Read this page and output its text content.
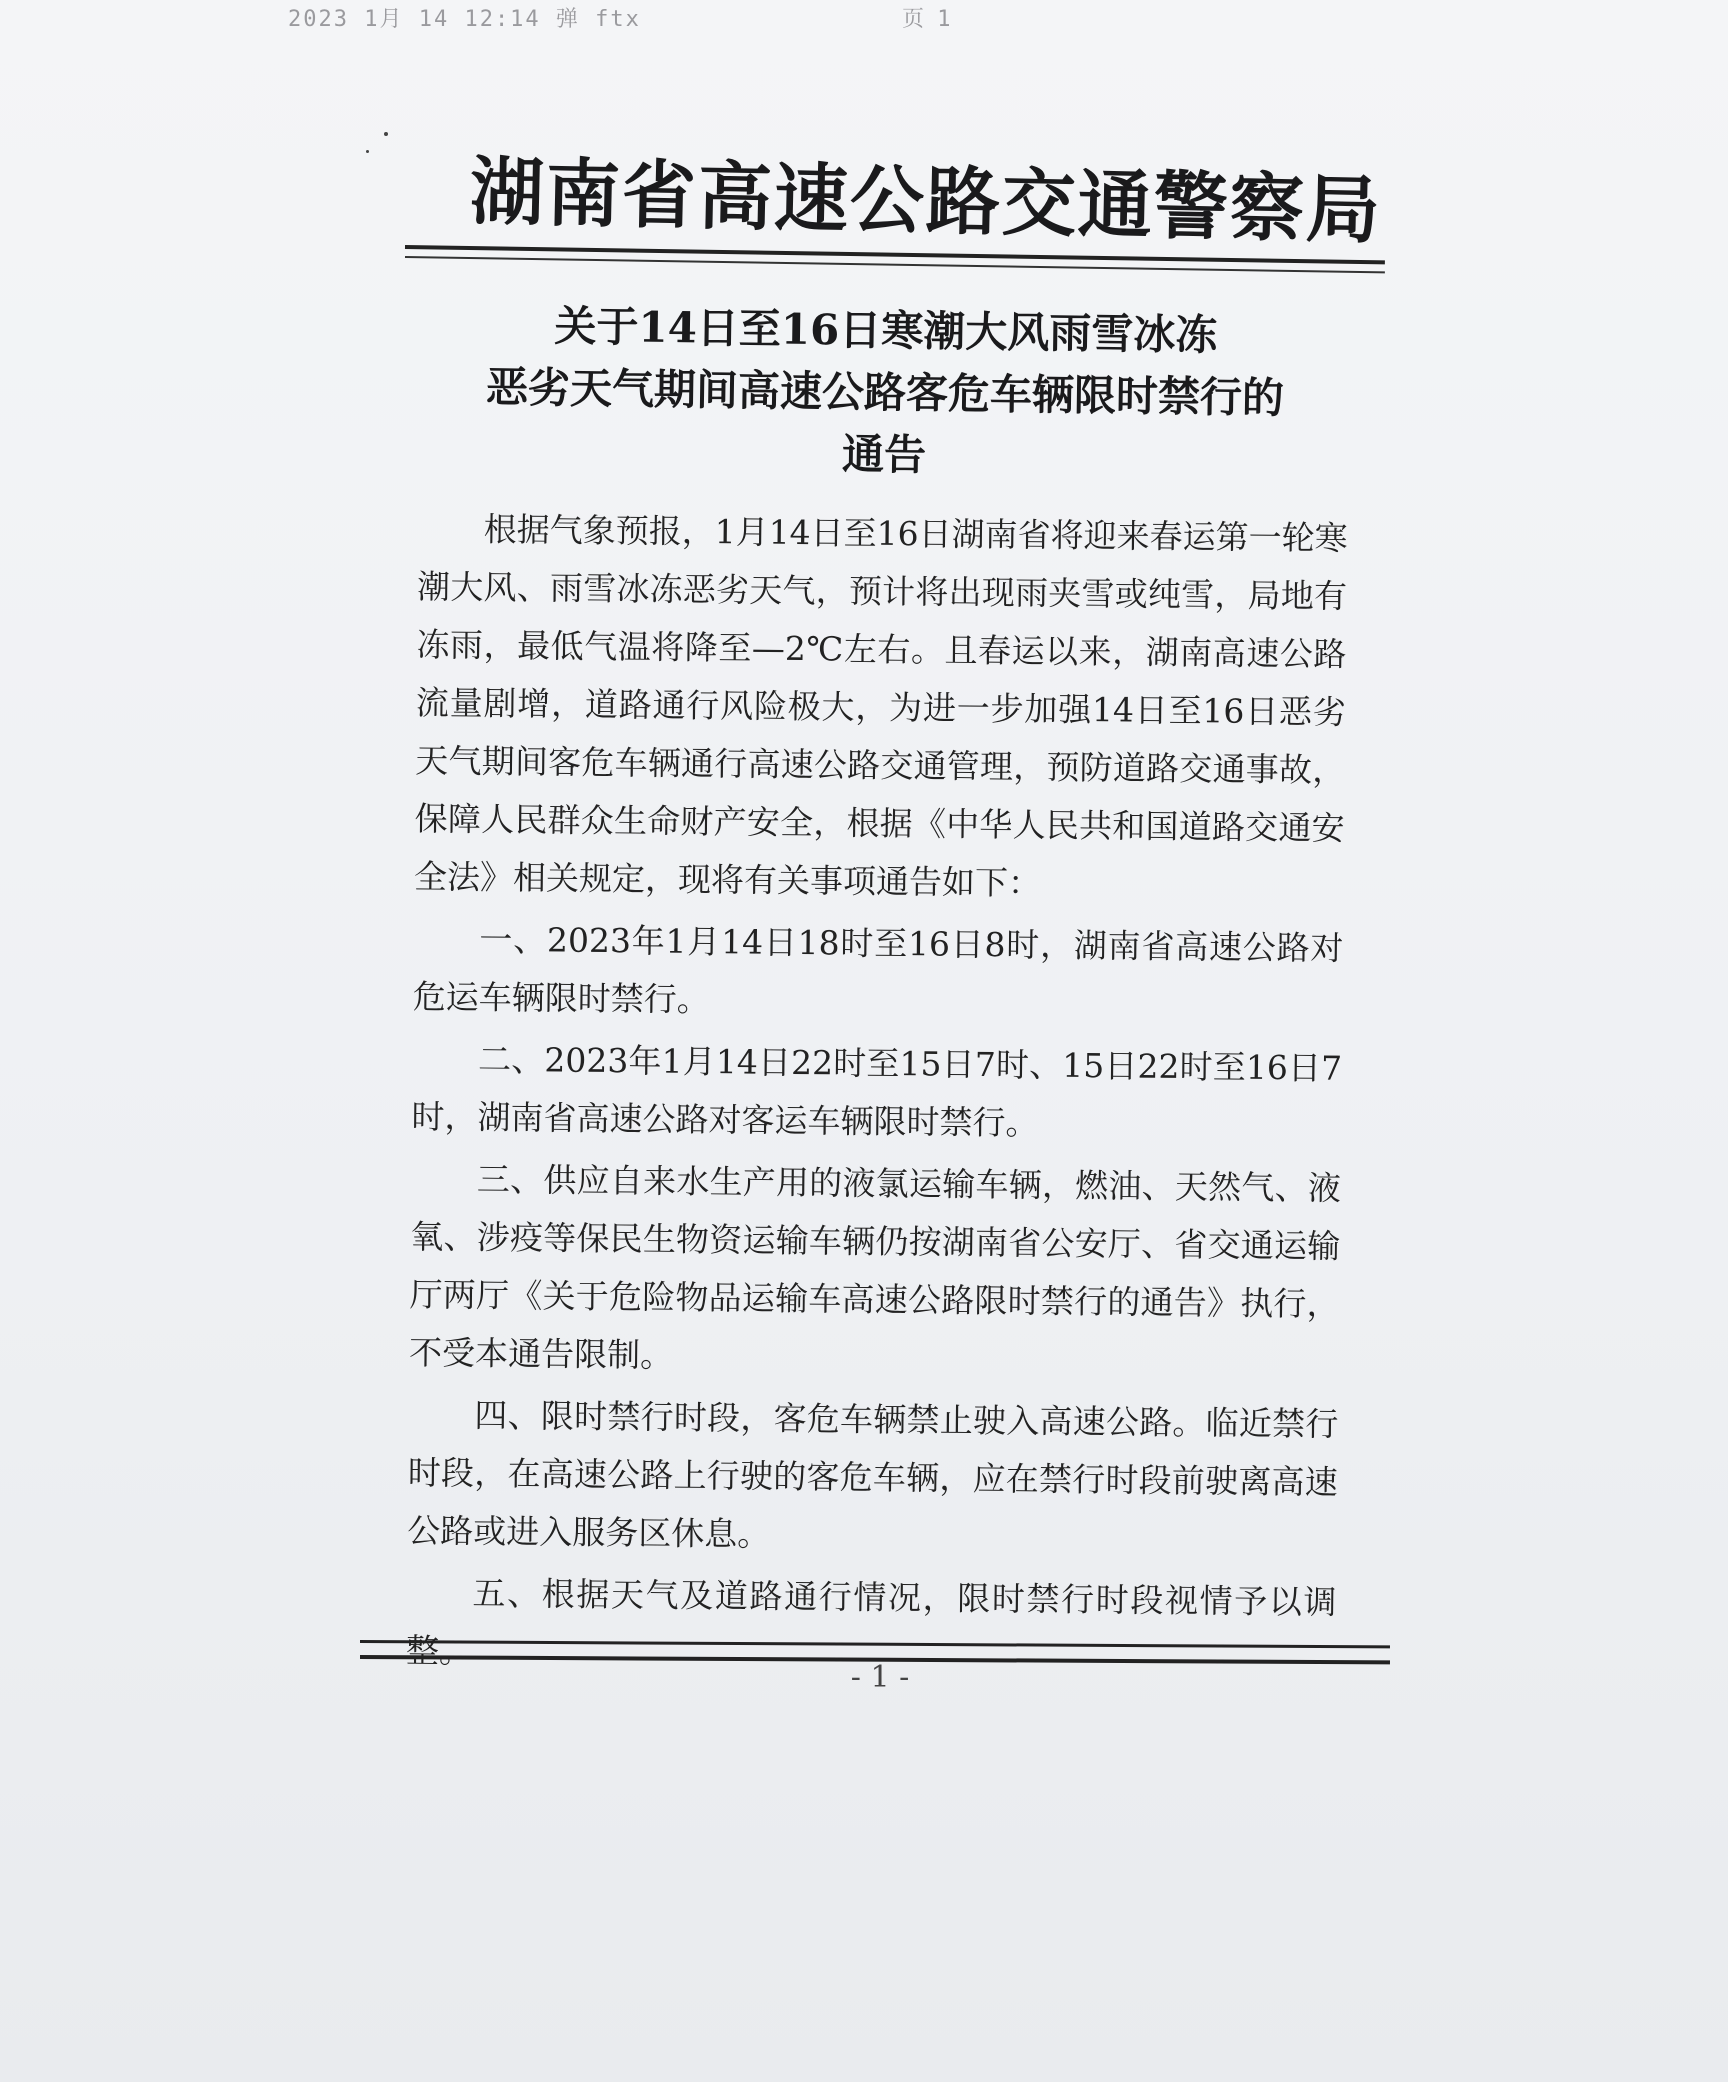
2023 1月 14 12:14 弹 ftx	页 1
湖南省高速公路交通警察局
关于14日至16日寒潮大风雨雪冰冻
恶劣天气期间高速公路客危车辆限时禁行的
通告

根据气象预报，1月14日至16日湖南省将迎来春运第一轮寒潮大风、雨雪冰冻恶劣天气，预计将出现雨夹雪或纯雪，局地有冻雨，最低气温将降至—2℃左右。且春运以来，湖南高速公路流量剧增，道路通行风险极大，为进一步加强14日至16日恶劣天气期间客危车辆通行高速公路交通管理，预防道路交通事故，保障人民群众生命财产安全，根据《中华人民共和国道路交通安全法》相关规定，现将有关事项通告如下：

一、2023年1月14日18时至16日8时，湖南省高速公路对危运车辆限时禁行。

二、2023年1月14日22时至15日7时、15日22时至16日7时，湖南省高速公路对客运车辆限时禁行。

三、供应自来水生产用的液氯运输车辆，燃油、天然气、液氧、涉疫等保民生物资运输车辆仍按湖南省公安厅、省交通运输厅两厅《关于危险物品运输车高速公路限时禁行的通告》执行，不受本通告限制。

四、限时禁行时段，客危车辆禁止驶入高速公路。临近禁行时段，在高速公路上行驶的客危车辆，应在禁行时段前驶离高速公路或进入服务区休息。

五、根据天气及道路通行情况，限时禁行时段视情予以调整。

- 1 -
